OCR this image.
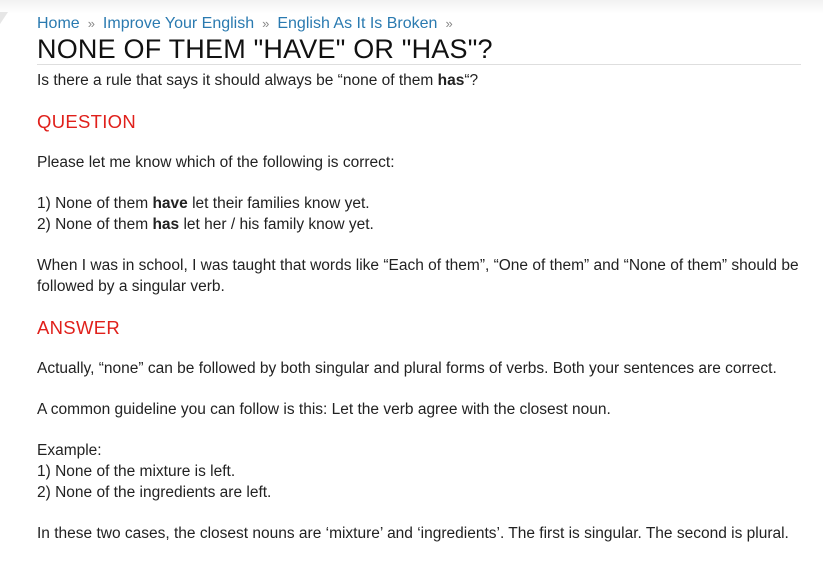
Home » Improve Your English » English As It Is Broken »
NONE OF THEM "HAVE" OR "HAS"?

Is there a rule that says it should always be “none of them has“?

QUESTION

Please let me know which of the following is correct:

1) None of them have let their families know yet.

2) None of them has let her / his family know yet.

When I was in school, I was taught that words like “Each of them”, “One of them” and “None of them” should be followed by a singular verb.

ANSWER

Actually, “none” can be followed by both singular and plural forms of verbs. Both your sentences are correct.

A common guideline you can follow is this: Let the verb agree with the closest noun.

Example:

1) None of the mixture is left.

2) None of the ingredients are left.

In these two cases, the closest nouns are ‘mixture’ and ‘ingredients’. The first is singular. The second is plural.
